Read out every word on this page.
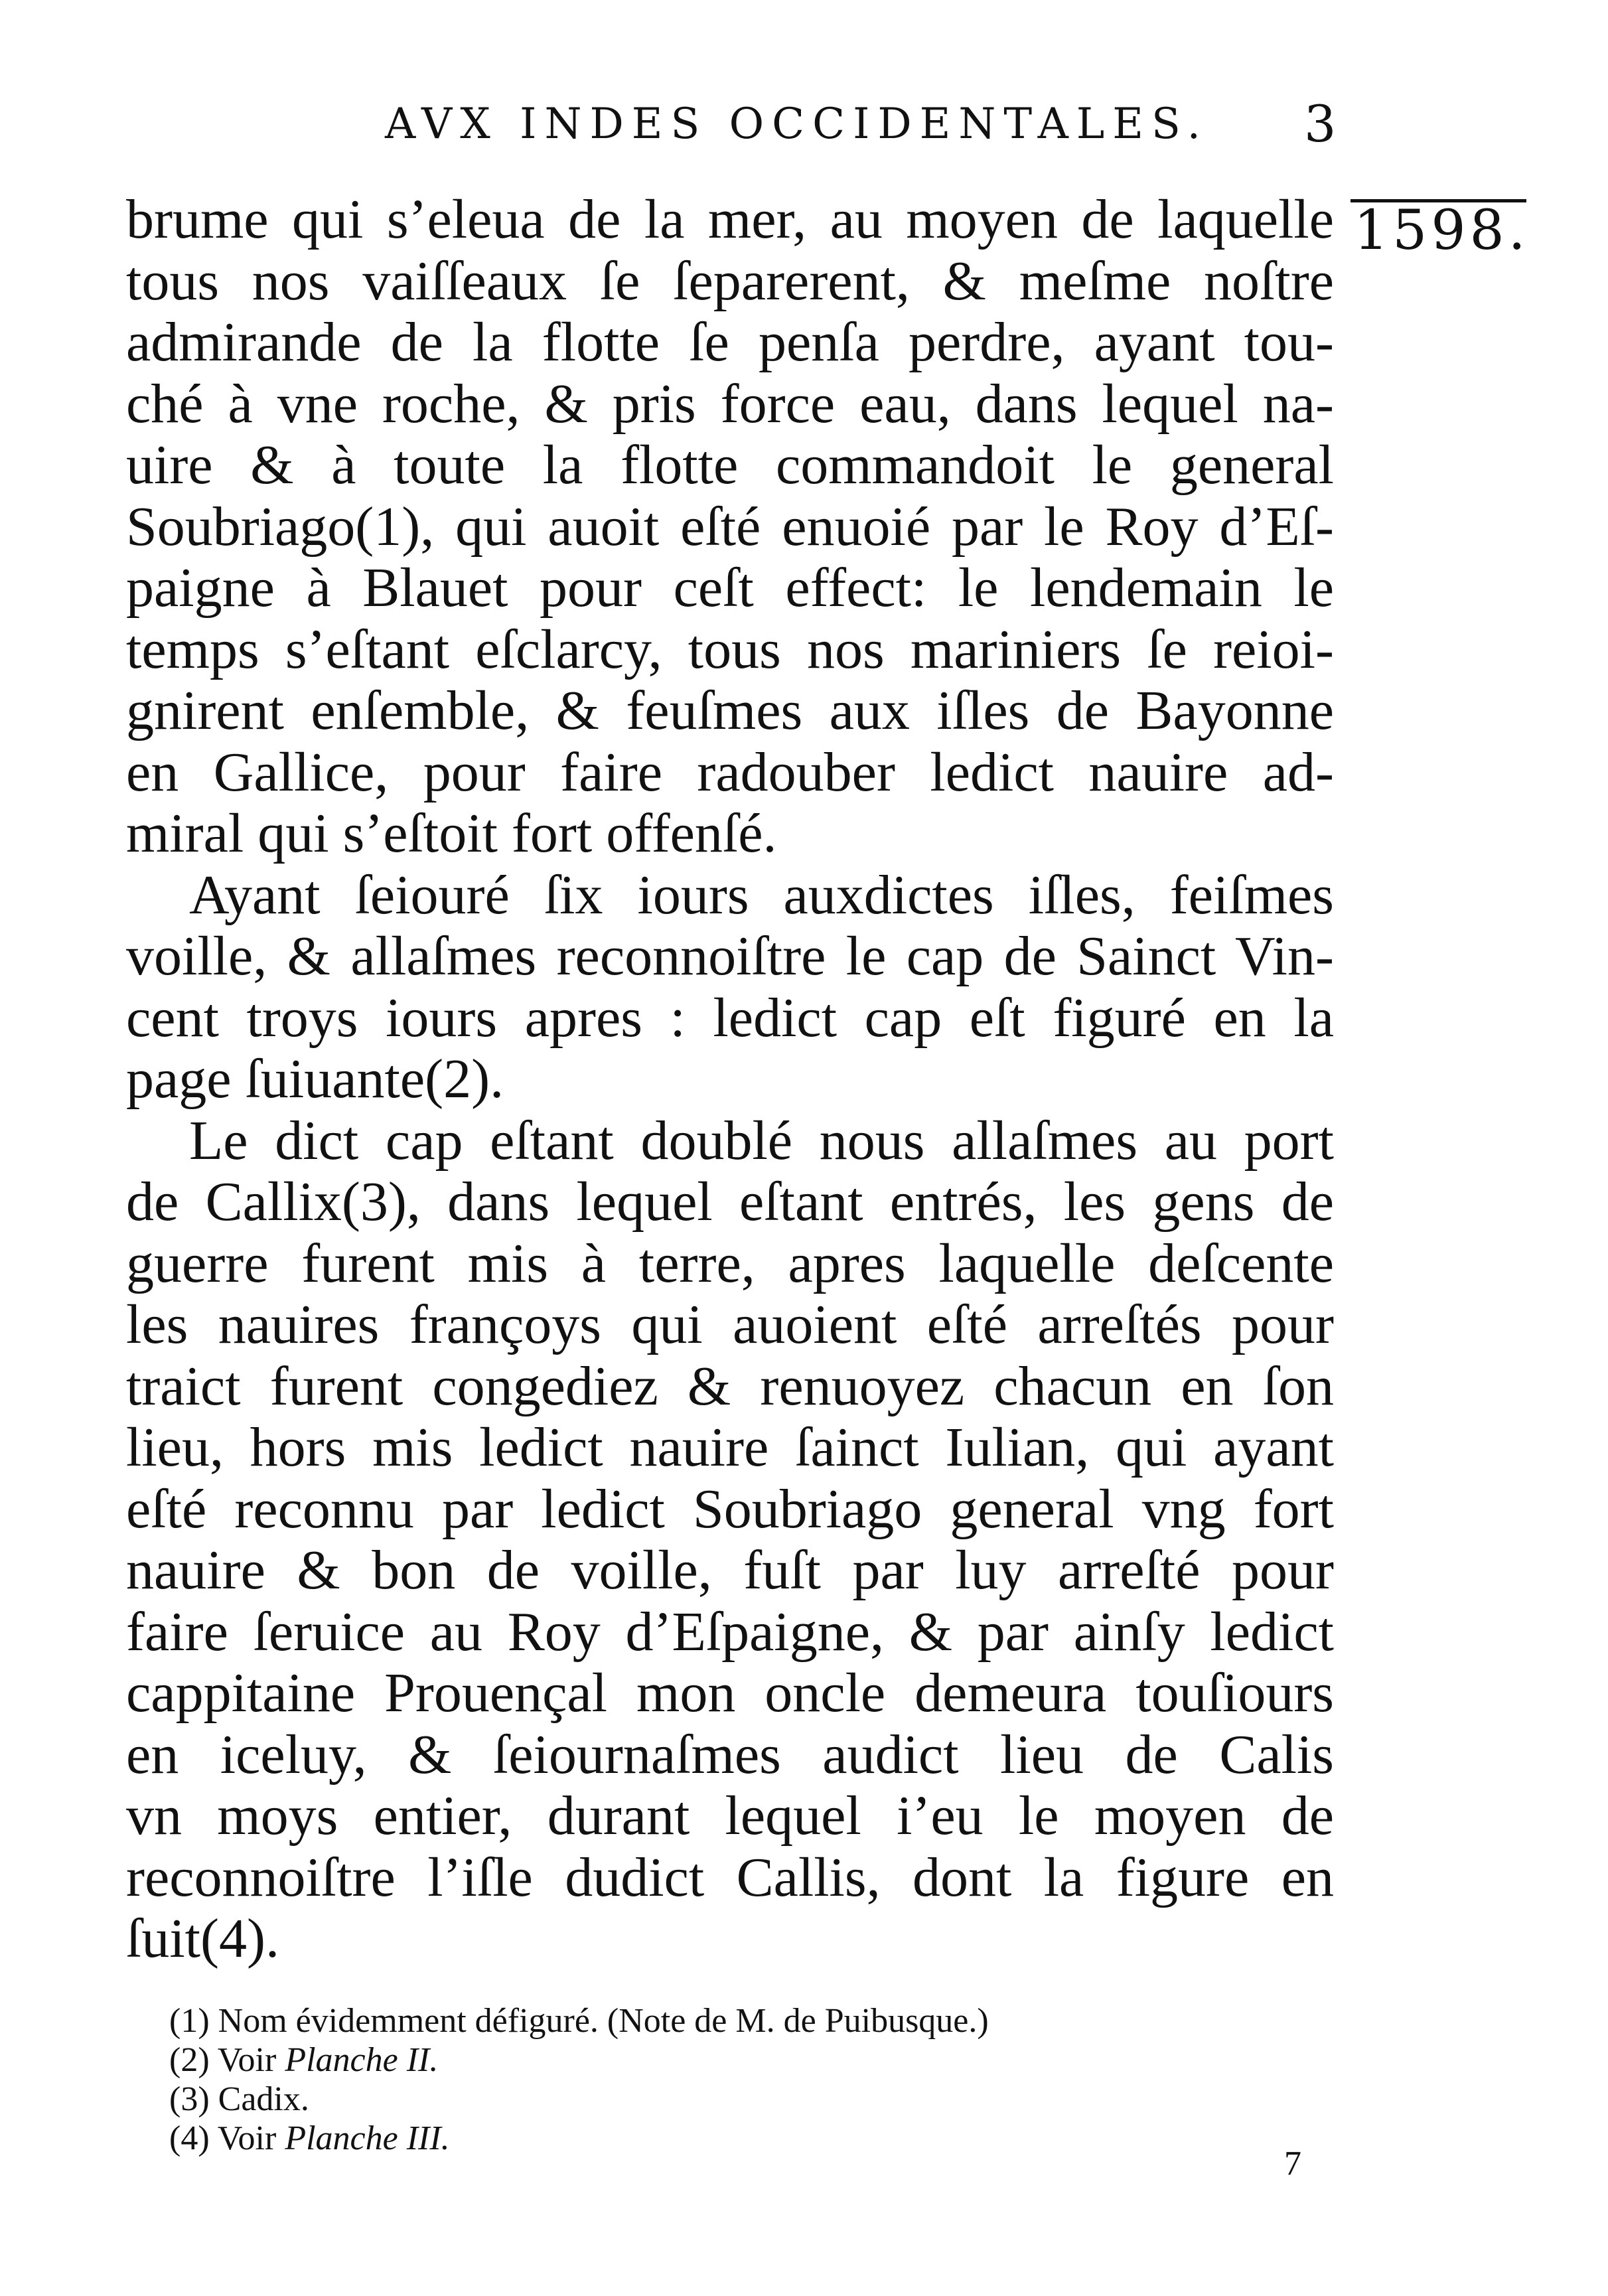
AVX INDES OCCIDENTALES. 3
1598.
brume qui s’eleua de la mer, au moyen de laquelle
tous nos vaiſſeaux ſe ſeparerent, & meſme noſtre
admirande de la flotte ſe penſa perdre, ayant tou-
ché à vne roche, & pris force eau, dans lequel na-
uire & à toute la flotte commandoit le general
Soubriago(1), qui auoit eſté enuoié par le Roy d’Eſ-
paigne à Blauet pour ceſt effect: le lendemain le
temps s’eſtant eſclarcy, tous nos mariniers ſe reioi-
gnirent enſemble, & feuſmes aux iſles de Bayonne
en Gallice, pour faire radouber ledict nauire ad-
miral qui s’eſtoit fort offenſé.
Ayant ſeiouré ſix iours auxdictes iſles, feiſmes
voille, & allaſmes reconnoiſtre le cap de Sainct Vin-
cent troys iours apres : ledict cap eſt figuré en la
page ſuiuante(2).
Le dict cap eſtant doublé nous allaſmes au port
de Callix(3), dans lequel eſtant entrés, les gens de
guerre furent mis à terre, apres laquelle deſcente
les nauires françoys qui auoient eſté arreſtés pour
traict furent congediez & renuoyez chacun en ſon
lieu, hors mis ledict nauire ſainct Iulian, qui ayant
eſté reconnu par ledict Soubriago general vng fort
nauire & bon de voille, fuſt par luy arreſté pour
faire ſeruice au Roy d’Eſpaigne, & par ainſy ledict
cappitaine Prouençal mon oncle demeura touſiours
en iceluy, & ſeiournaſmes audict lieu de Calis
vn moys entier, durant lequel i’eu le moyen de
reconnoiſtre l’iſle dudict Callis, dont la figure en
ſuit(4).
(1) Nom évidemment défiguré. (Note de M. de Puibusque.)
(2) Voir Planche II.
(3) Cadix.
(4) Voir Planche III.
7
